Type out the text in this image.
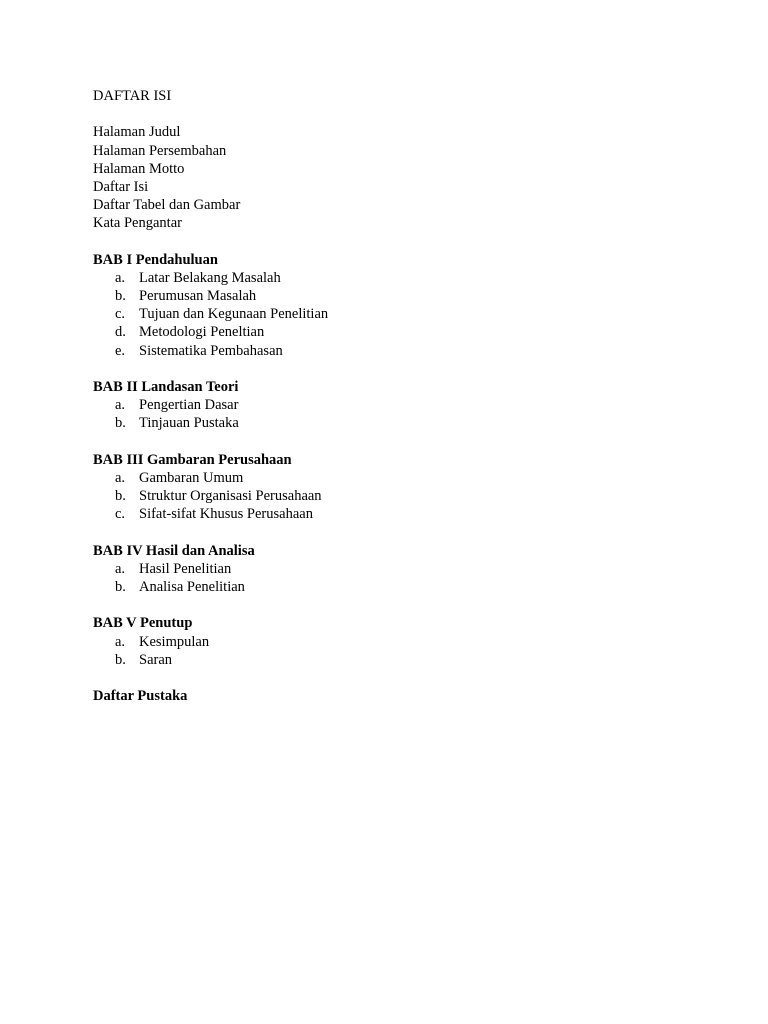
DAFTAR ISI
Halaman Judul
Halaman Persembahan
Halaman Motto
Daftar Isi
Daftar Tabel dan Gambar
Kata Pengantar
BAB I Pendahuluan
a. Latar Belakang Masalah
b. Perumusan Masalah
c. Tujuan dan Kegunaan Penelitian
d. Metodologi Peneltian
e. Sistematika Pembahasan
BAB II Landasan Teori
a. Pengertian Dasar
b. Tinjauan Pustaka
BAB III Gambaran Perusahaan
a. Gambaran Umum
b. Struktur Organisasi Perusahaan
c. Sifat-sifat Khusus Perusahaan
BAB IV Hasil dan Analisa
a. Hasil Penelitian
b. Analisa Penelitian
BAB V Penutup
a. Kesimpulan
b. Saran
Daftar Pustaka
